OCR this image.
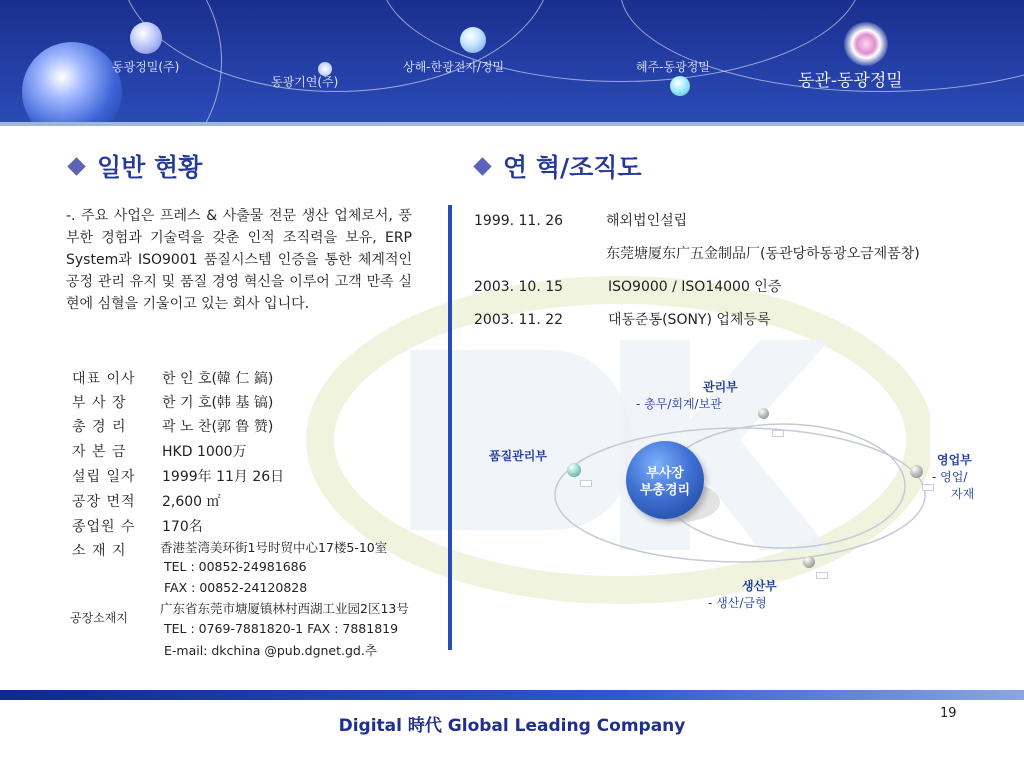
동광정밀(주)
동광기연(주)
상해-한광전자/정밀	혜주-동광정밀
동관-동광정밀
일반 현황	연 혁/조직도
-. 주요 사업은 프레스 & 사출물 전문 생산 업체로서, 풍부한 경험과 기술력을 갖춘 인적 조직력을 보유, ERP System과 ISO9001 품질시스템 인증을 통한 체계적인 공정 관리 유지 및 품질 경영 혁신을 이루어 고객 만족 실현에 심혈을 기울이고 있는 회사 입니다.
대표 이사 한 인 호(韓 仁 鎬)
부 사 장	한 기 호(韩 基 镐)
총 경 리	곽 노 찬(郭 鲁 赞)
자 본 금	HKD 1000万
설립 일자 1999年 11月 26日
공장 면적 2,600 ㎡
종업원 수 170名
소 재 지	香港荃湾美环街1号时贸中心17楼5-10室
TEL : 00852-24981686
FAX : 00852-24120828
공장소재지
广东省东莞市塘厦镇林村西湖工业园2区13号
TEL : 0769-7881820-1 FAX : 7881819
E-mail: dkchina @pub.dgnet.gd.추
1999. 11. 26	해외법인설립
东莞塘厦东广五金制品厂(동관당하동광오금제품창)
2003. 10. 15	ISO9000 / ISO14000 인증
2003. 11. 22	대동준통(SONY) 업체등록
부사장
부총경리
관리부
- 총무/회계/보관
품질관리부	영업부
- 영업/
자재
생산부
- 생산/금형
Digital 時代 Global Leading Company
19
